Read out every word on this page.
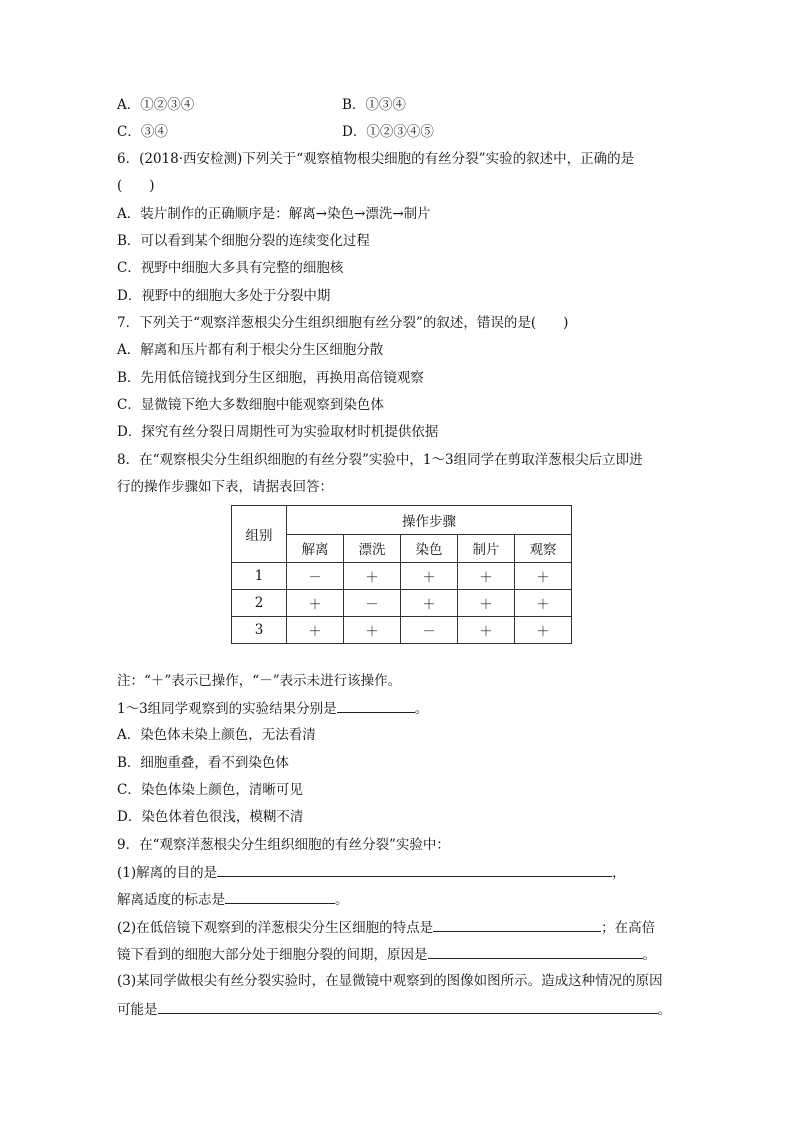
A．①②③④	B．①③④
C．③④	D．①②③④⑤
6．(2018·西安检测)下列关于“观察植物根尖细胞的有丝分裂”实验的叙述中，正确的是
(　　)
A．装片制作的正确顺序是：解离→染色→漂洗→制片
B．可以看到某个细胞分裂的连续变化过程
C．视野中细胞大多具有完整的细胞核
D．视野中的细胞大多处于分裂中期
7．下列关于“观察洋葱根尖分生组织细胞有丝分裂”的叙述，错误的是(　　)
A．解离和压片都有利于根尖分生区细胞分散
B．先用低倍镜找到分生区细胞，再换用高倍镜观察
C．显微镜下绝大多数细胞中能观察到染色体
D．探究有丝分裂日周期性可为实验取材时机提供依据
8．在“观察根尖分生组织细胞的有丝分裂”实验中，1～3组同学在剪取洋葱根尖后立即进
行的操作步骤如下表，请据表回答：
组别	操作步骤				
	解离	漂洗	染色	制片	观察
1	－	＋	＋	＋	＋
2	＋	－	＋	＋	＋
3	＋	＋	－	＋	＋
注：“＋”表示已操作，“－”表示未进行该操作。
1～3组同学观察到的实验结果分别是	。
A．染色体未染上颜色，无法看清
B．细胞重叠，看不到染色体
C．染色体染上颜色，清晰可见
D．染色体着色很浅，模糊不清
9．在“观察洋葱根尖分生组织细胞的有丝分裂”实验中：
(1)解离的目的是	，
解离适度的标志是	。
(2)在低倍镜下观察到的洋葱根尖分生区细胞的特点是	；在高倍
镜下看到的细胞大部分处于细胞分裂的间期，原因是	。
(3)某同学做根尖有丝分裂实验时，在显微镜中观察到的图像如图所示。造成这种情况的原因
可能是	。
